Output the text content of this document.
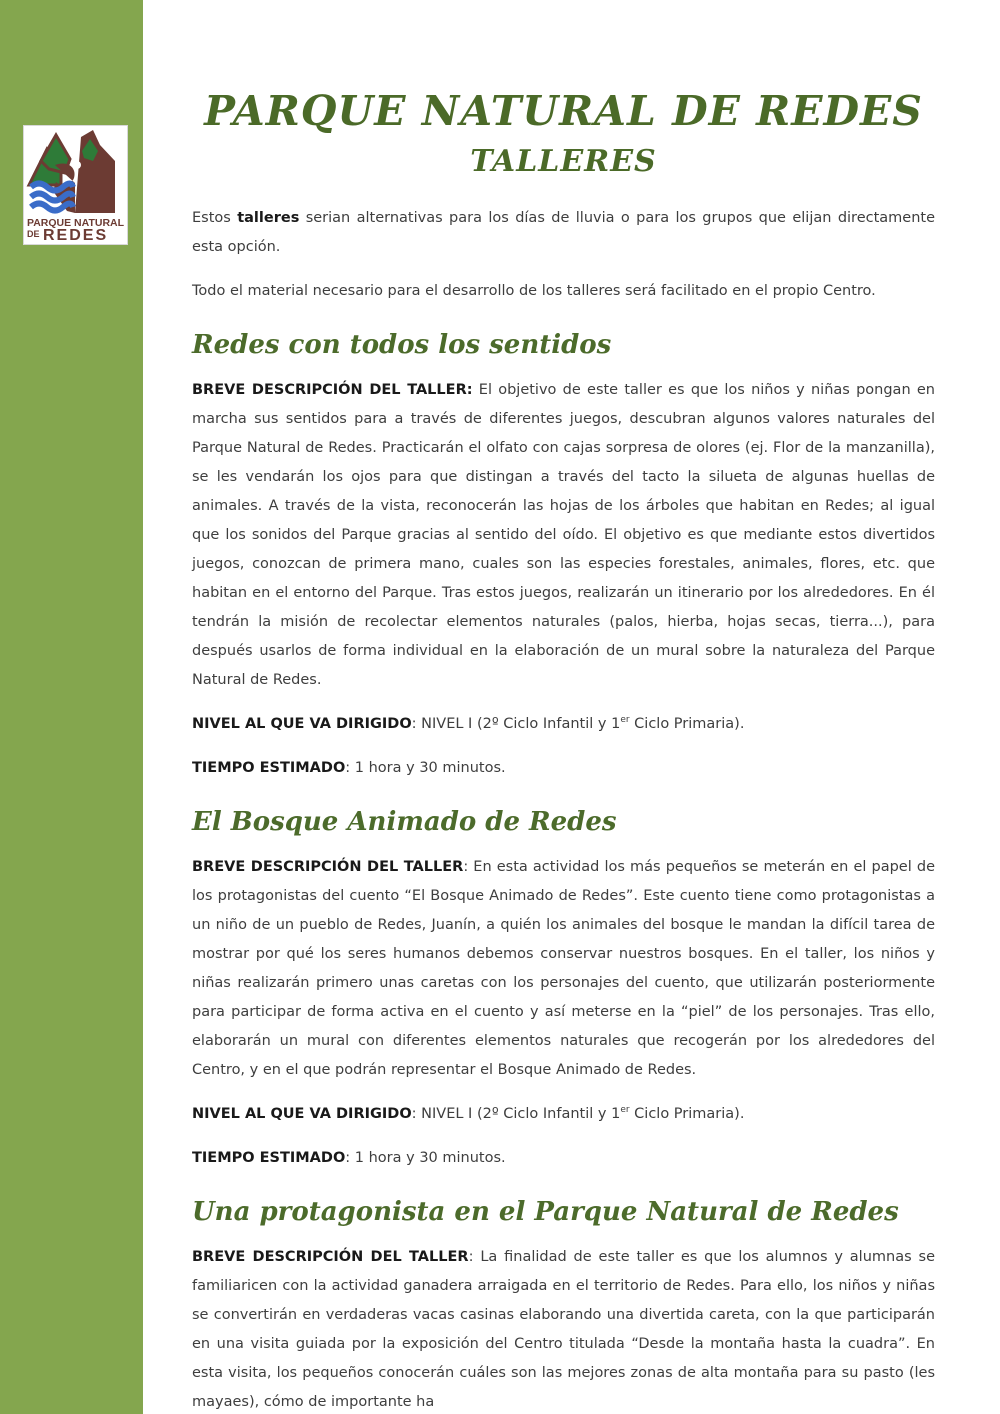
PARQUE NATURAL
DE REDES
PARQUE NATURAL DE REDES
TALLERES

Estos talleres serian alternativas para los días de lluvia o para los grupos que elijan directamente esta opción.

Todo el material necesario para el desarrollo de los talleres será facilitado en el propio Centro.

Redes con todos los sentidos

BREVE DESCRIPCIÓN DEL TALLER: El objetivo de este taller es que los niños y niñas pongan en marcha sus sentidos para a través de diferentes juegos, descubran algunos valores naturales del Parque Natural de Redes. Practicarán el olfato con cajas sorpresa de olores (ej. Flor de la manzanilla), se les vendarán los ojos para que distingan a través del tacto la silueta de algunas huellas de animales. A través de la vista, reconocerán las hojas de los árboles que habitan en Redes; al igual que los sonidos del Parque gracias al sentido del oído. El objetivo es que mediante estos divertidos juegos, conozcan de primera mano, cuales son las especies forestales, animales, flores, etc. que habitan en el entorno del Parque. Tras estos juegos, realizarán un itinerario por los alrededores. En él tendrán la misión de recolectar elementos naturales (palos, hierba, hojas secas, tierra...), para después usarlos de forma individual en la elaboración de un mural sobre la naturaleza del Parque Natural de Redes.

NIVEL AL QUE VA DIRIGIDO: NIVEL I (2º Ciclo Infantil y 1er Ciclo Primaria).

TIEMPO ESTIMADO: 1 hora y 30 minutos.

El Bosque Animado de Redes

BREVE DESCRIPCIÓN DEL TALLER: En esta actividad los más pequeños se meterán en el papel de los protagonistas del cuento “El Bosque Animado de Redes”. Este cuento tiene como protagonistas a un niño de un pueblo de Redes, Juanín, a quién los animales del bosque le mandan la difícil tarea de mostrar por qué los seres humanos debemos conservar nuestros bosques. En el taller, los niños y niñas realizarán primero unas caretas con los personajes del cuento, que utilizarán posteriormente para participar de forma activa en el cuento y así meterse en la “piel” de los personajes. Tras ello, elaborarán un mural con diferentes elementos naturales que recogerán por los alrededores del Centro, y en el que podrán representar el Bosque Animado de Redes.

NIVEL AL QUE VA DIRIGIDO: NIVEL I (2º Ciclo Infantil y 1er Ciclo Primaria).

TIEMPO ESTIMADO: 1 hora y 30 minutos.

Una protagonista en el Parque Natural de Redes

BREVE DESCRIPCIÓN DEL TALLER: La finalidad de este taller es que los alumnos y alumnas se familiaricen con la actividad ganadera arraigada en el territorio de Redes. Para ello, los niños y niñas se convertirán en verdaderas vacas casinas elaborando una divertida careta, con la que participarán en una visita guiada por la exposición del Centro titulada “Desde la montaña hasta la cuadra”. En esta visita, los pequeños conocerán cuáles son las mejores zonas de alta montaña para su pasto (les mayaes), cómo de importante ha
